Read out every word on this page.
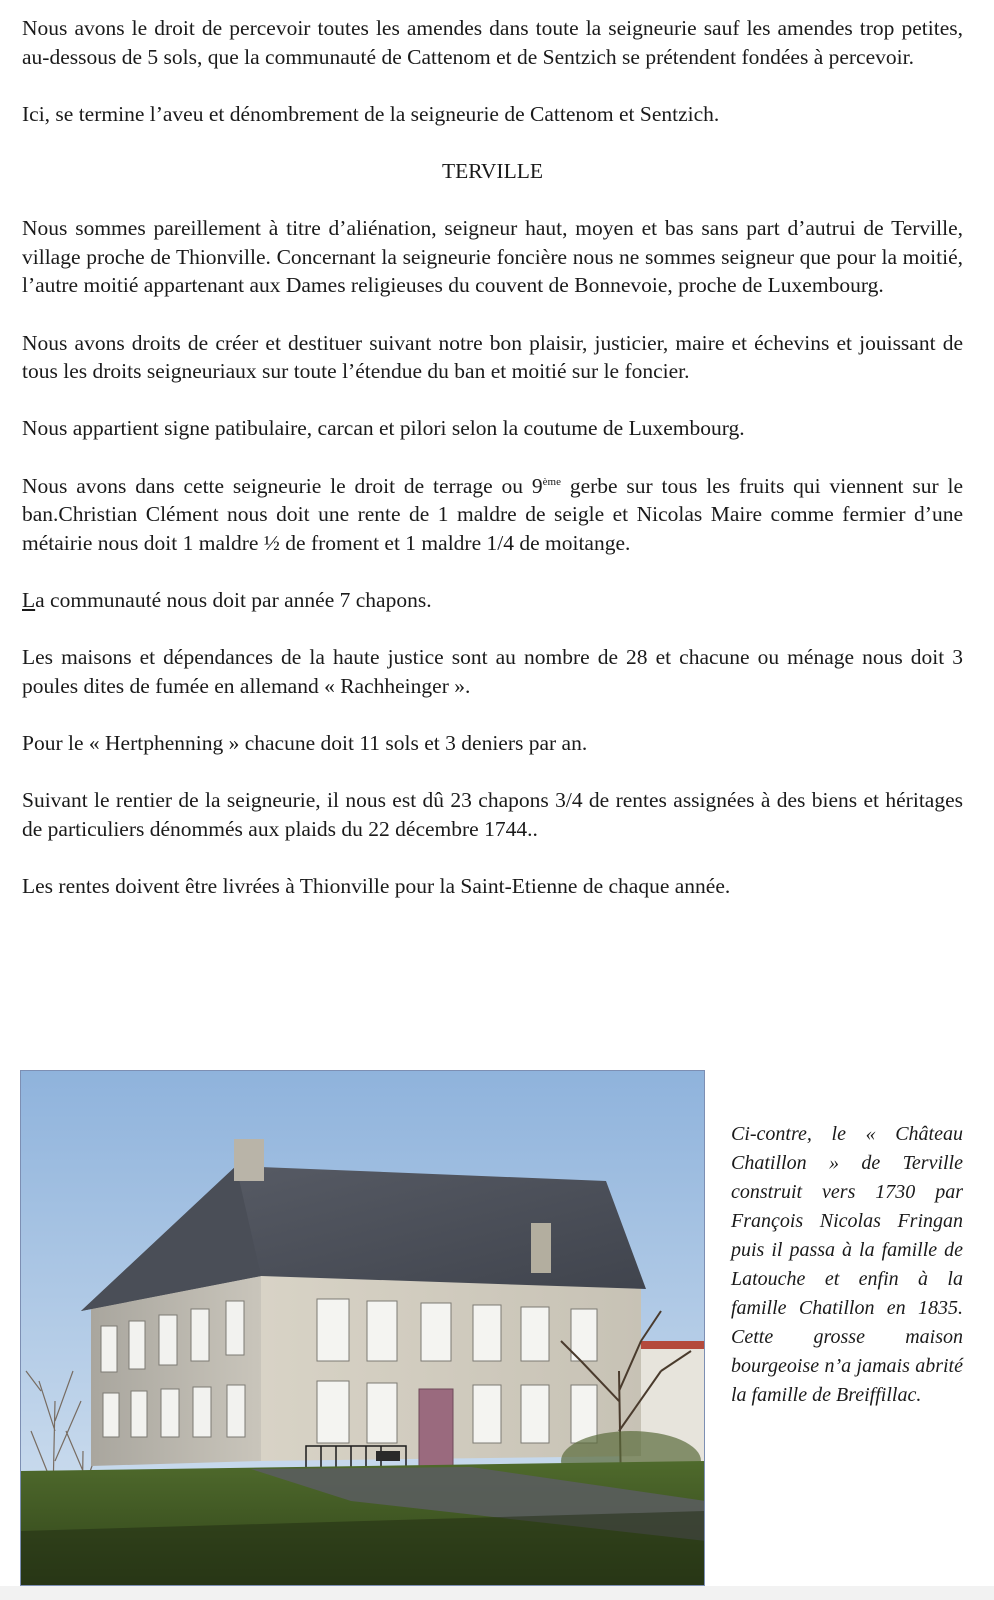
Nous avons le droit de percevoir toutes les amendes dans toute la seigneurie sauf les amendes trop petites, au-dessous de 5 sols, que la communauté de Cattenom et de Sentzich se prétendent fondées à percevoir.

Ici, se termine l’aveu et dénombrement de la seigneurie de Cattenom et Sentzich.

TERVILLE

Nous sommes pareillement à titre d’aliénation, seigneur haut, moyen et bas sans part d’autrui de Terville, village proche de Thionville. Concernant la seigneurie foncière nous ne sommes seigneur que pour la moitié, l’autre moitié appartenant aux Dames religieuses du couvent de Bonnevoie, proche de Luxembourg.

Nous avons droits de créer et destituer suivant notre bon plaisir, justicier, maire et échevins et jouissant de tous les droits seigneuriaux sur toute l’étendue du ban et moitié sur le foncier.

Nous appartient signe patibulaire, carcan et pilori selon la coutume de Luxembourg.

Nous avons dans cette seigneurie le droit de terrage ou 9ème gerbe sur tous les fruits qui viennent sur le ban.Christian Clément nous doit une rente de 1 maldre de seigle et Nicolas Maire comme fermier d’une métairie nous doit 1 maldre ½ de froment et 1 maldre 1/4 de moitange.

La communauté nous doit par année 7 chapons.

Les maisons et dépendances de la haute justice sont au nombre de 28 et chacune ou ménage nous doit 3 poules dites de fumée en allemand « Rachheinger ».

Pour le « Hertphenning » chacune doit 11 sols et 3 deniers par an.

Suivant le rentier de la seigneurie, il nous est dû 23 chapons 3/4 de rentes assignées à des biens et héritages de particuliers dénommés aux plaids du 22 décembre 1744..

Les rentes doivent être livrées à Thionville pour la Saint-Etienne de chaque année.

Ci-contre, le « Château Chatillon » de Terville construit vers 1730 par François Nicolas Fringan puis il passa à la famille de Latouche et enfin à la famille Chatillon en 1835. Cette grosse maison bourgeoise n’a jamais abrité la famille de Breiffillac.
